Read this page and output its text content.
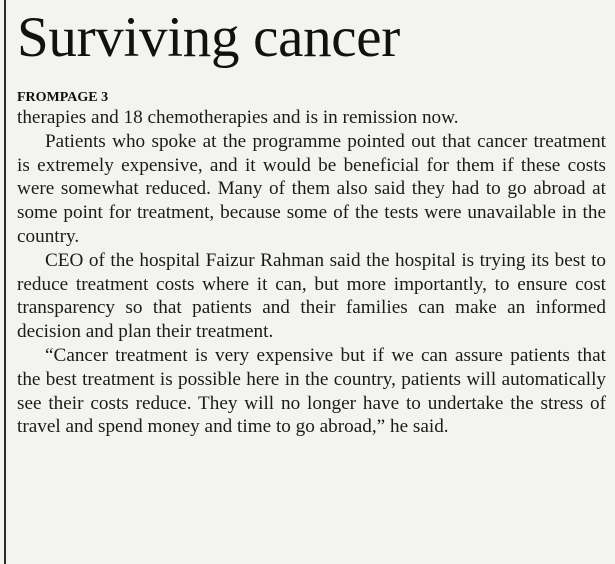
Surviving cancer
FROMPAGE 3

therapies and 18 chemotherapies and is in remission now.

Patients who spoke at the programme pointed out that cancer treatment is extremely expensive, and it would be beneficial for them if these costs were somewhat reduced. Many of them also said they had to go abroad at some point for treatment, because some of the tests were unavailable in the country.

CEO of the hospital Faizur Rahman said the hospital is trying its best to reduce treatment costs where it can, but more importantly, to ensure cost transparency so that patients and their families can make an informed decision and plan their treatment.

“Cancer treatment is very expensive but if we can assure patients that the best treatment is possible here in the country, patients will automatically see their costs reduce. They will no longer have to undertake the stress of travel and spend money and time to go abroad,” he said.
